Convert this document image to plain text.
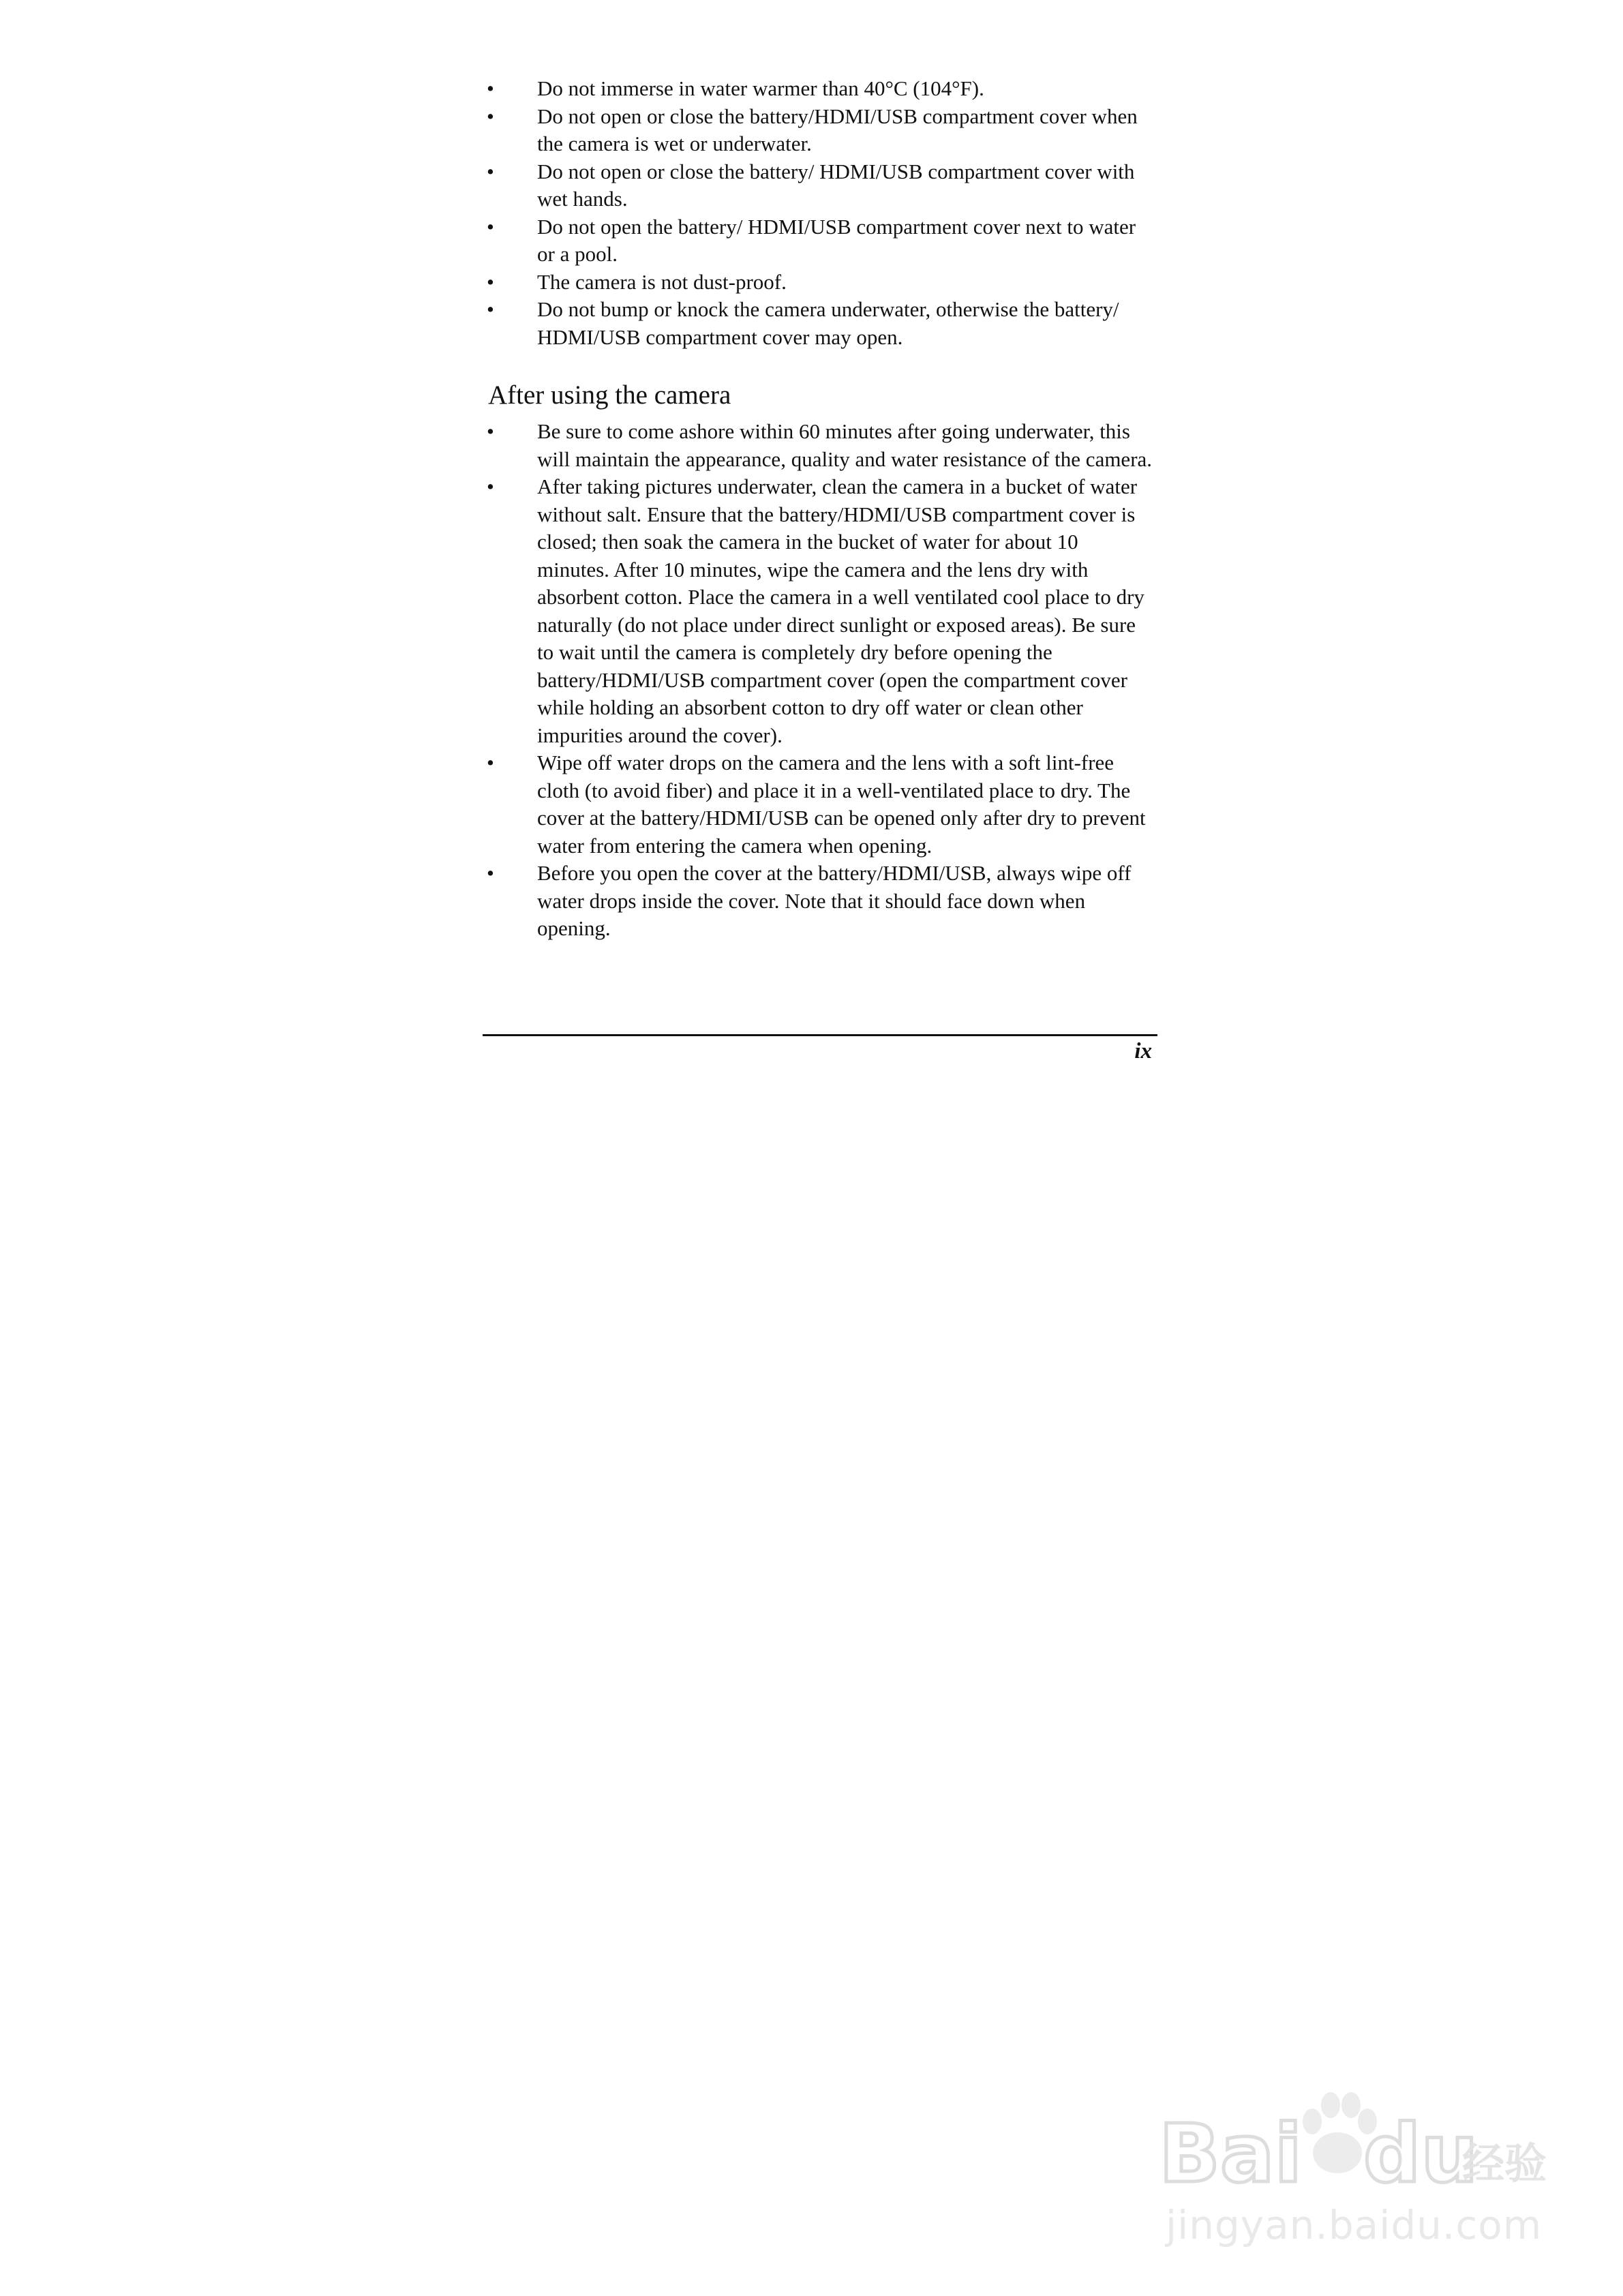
•	Do not immerse in water warmer than 40°C (104°F).
•	Do not open or close the battery/HDMI/USB compartment cover when the camera is wet or underwater.
•	Do not open or close the battery/ HDMI/USB compartment cover with wet hands.
•	Do not open the battery/ HDMI/USB compartment cover next to water or a pool.
•	The camera is not dust-proof.
•	Do not bump or knock the camera underwater, otherwise the battery/ HDMI/USB compartment cover may open.
After using the camera
•	Be sure to come ashore within 60 minutes after going underwater, this will maintain the appearance, quality and water resistance of the camera.
•	After taking pictures underwater, clean the camera in a bucket of water without salt. Ensure that the battery/HDMI/USB compartment cover is closed; then soak the camera in the bucket of water for about 10 minutes. After 10 minutes, wipe the camera and the lens dry with absorbent cotton. Place the camera in a well ventilated cool place to dry naturally (do not place under direct sunlight or exposed areas). Be sure to wait until the camera is completely dry before opening the battery/HDMI/USB compartment cover (open the compartment cover while holding an absorbent cotton to dry off water or clean other impurities around the cover).
•	Wipe off water drops on the camera and the lens with a soft lint-free cloth (to avoid fiber) and place it in a well-ventilated place to dry. The cover at the battery/HDMI/USB can be opened only after dry to prevent water from entering the camera when opening.
•	Before you open the cover at the battery/HDMI/USB, always wipe off water drops inside the cover. Note that it should face down when opening.
ix
Bai du
经验
jingyan.baidu.com
